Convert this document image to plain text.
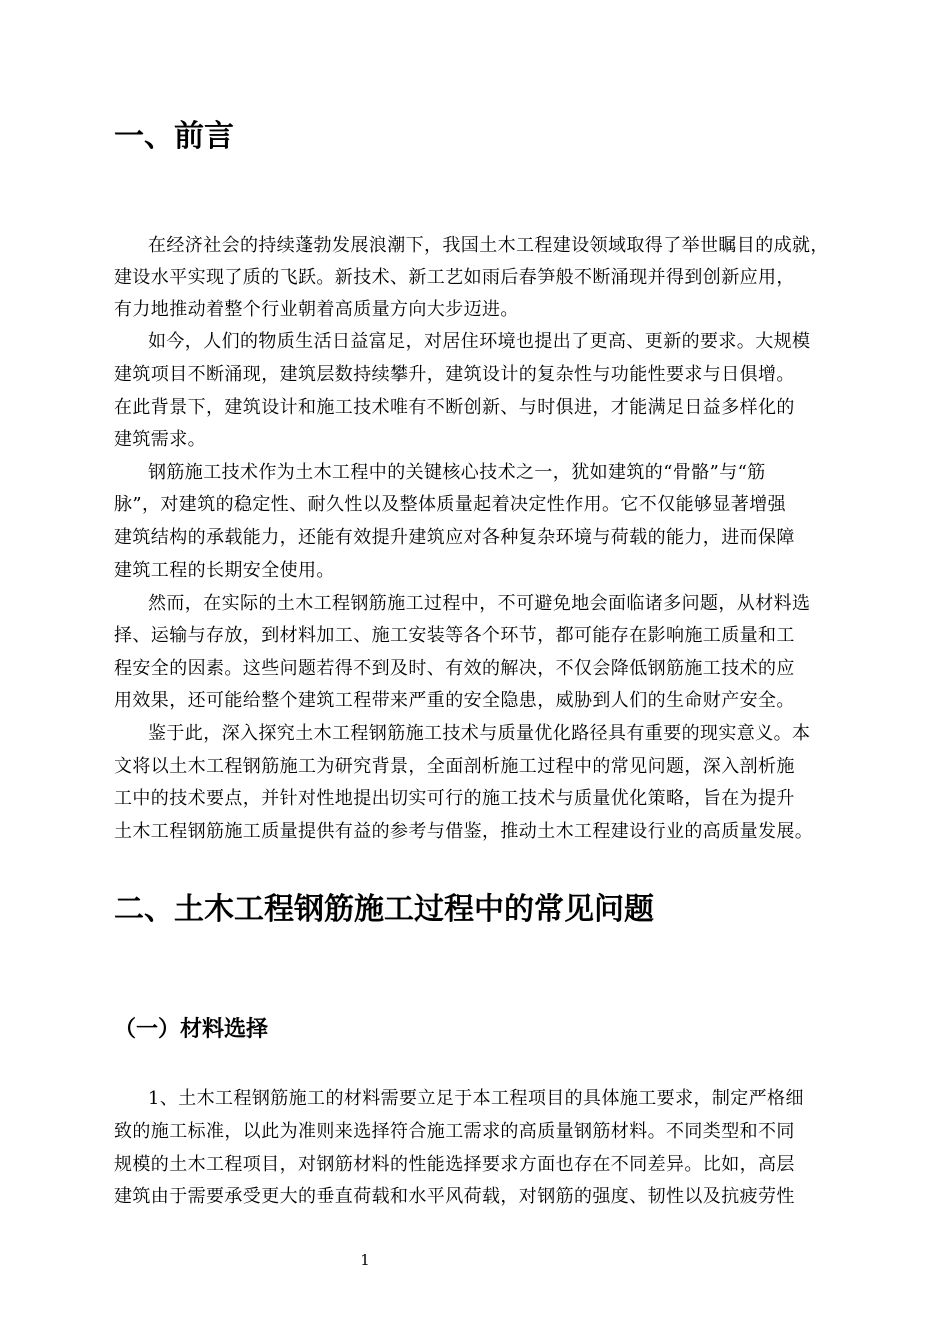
一、前言
在经济社会的持续蓬勃发展浪潮下，我国土木工程建设领域取得了举世瞩目的成就，
建设水平实现了质的飞跃。新技术、新工艺如雨后春笋般不断涌现并得到创新应用，
有力地推动着整个行业朝着高质量方向大步迈进。
如今，人们的物质生活日益富足，对居住环境也提出了更高、更新的要求。大规模
建筑项目不断涌现，建筑层数持续攀升，建筑设计的复杂性与功能性要求与日俱增。
在此背景下，建筑设计和施工技术唯有不断创新、与时俱进，才能满足日益多样化的
建筑需求。
钢筋施工技术作为土木工程中的关键核心技术之一，犹如建筑的“骨骼”与“筋
脉”，对建筑的稳定性、耐久性以及整体质量起着决定性作用。它不仅能够显著增强
建筑结构的承载能力，还能有效提升建筑应对各种复杂环境与荷载的能力，进而保障
建筑工程的长期安全使用。
然而，在实际的土木工程钢筋施工过程中，不可避免地会面临诸多问题，从材料选
择、运输与存放，到材料加工、施工安装等各个环节，都可能存在影响施工质量和工
程安全的因素。这些问题若得不到及时、有效的解决，不仅会降低钢筋施工技术的应
用效果，还可能给整个建筑工程带来严重的安全隐患，威胁到人们的生命财产安全。
鉴于此，深入探究土木工程钢筋施工技术与质量优化路径具有重要的现实意义。本
文将以土木工程钢筋施工为研究背景，全面剖析施工过程中的常见问题，深入剖析施
工中的技术要点，并针对性地提出切实可行的施工技术与质量优化策略，旨在为提升
土木工程钢筋施工质量提供有益的参考与借鉴，推动土木工程建设行业的高质量发展。
二、土木工程钢筋施工过程中的常见问题
（一）材料选择
1、土木工程钢筋施工的材料需要立足于本工程项目的具体施工要求，制定严格细
致的施工标准，以此为准则来选择符合施工需求的高质量钢筋材料。不同类型和不同
规模的土木工程项目，对钢筋材料的性能选择要求方面也存在不同差异。比如，高层
建筑由于需要承受更大的垂直荷载和水平风荷载，对钢筋的强度、韧性以及抗疲劳性
1
